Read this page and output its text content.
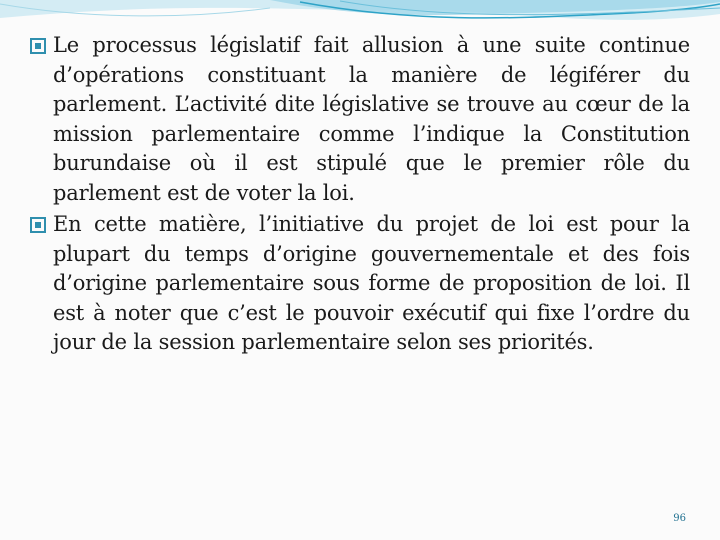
Le processus législatif fait allusion à une suite continue d’opérations constituant la manière de légiférer du parlement. L’activité dite législative se trouve au cœur de la mission parlementaire comme l’indique la Constitution burundaise où il est stipulé que le premier rôle du parlement est de voter la loi.

En cette matière, l’initiative du projet de loi est pour la plupart du temps d’origine gouvernementale et des fois d’origine parlementaire sous forme de proposition de loi. Il est à noter que c’est le pouvoir exécutif qui fixe l’ordre du jour de la session parlementaire selon ses priorités.

96
